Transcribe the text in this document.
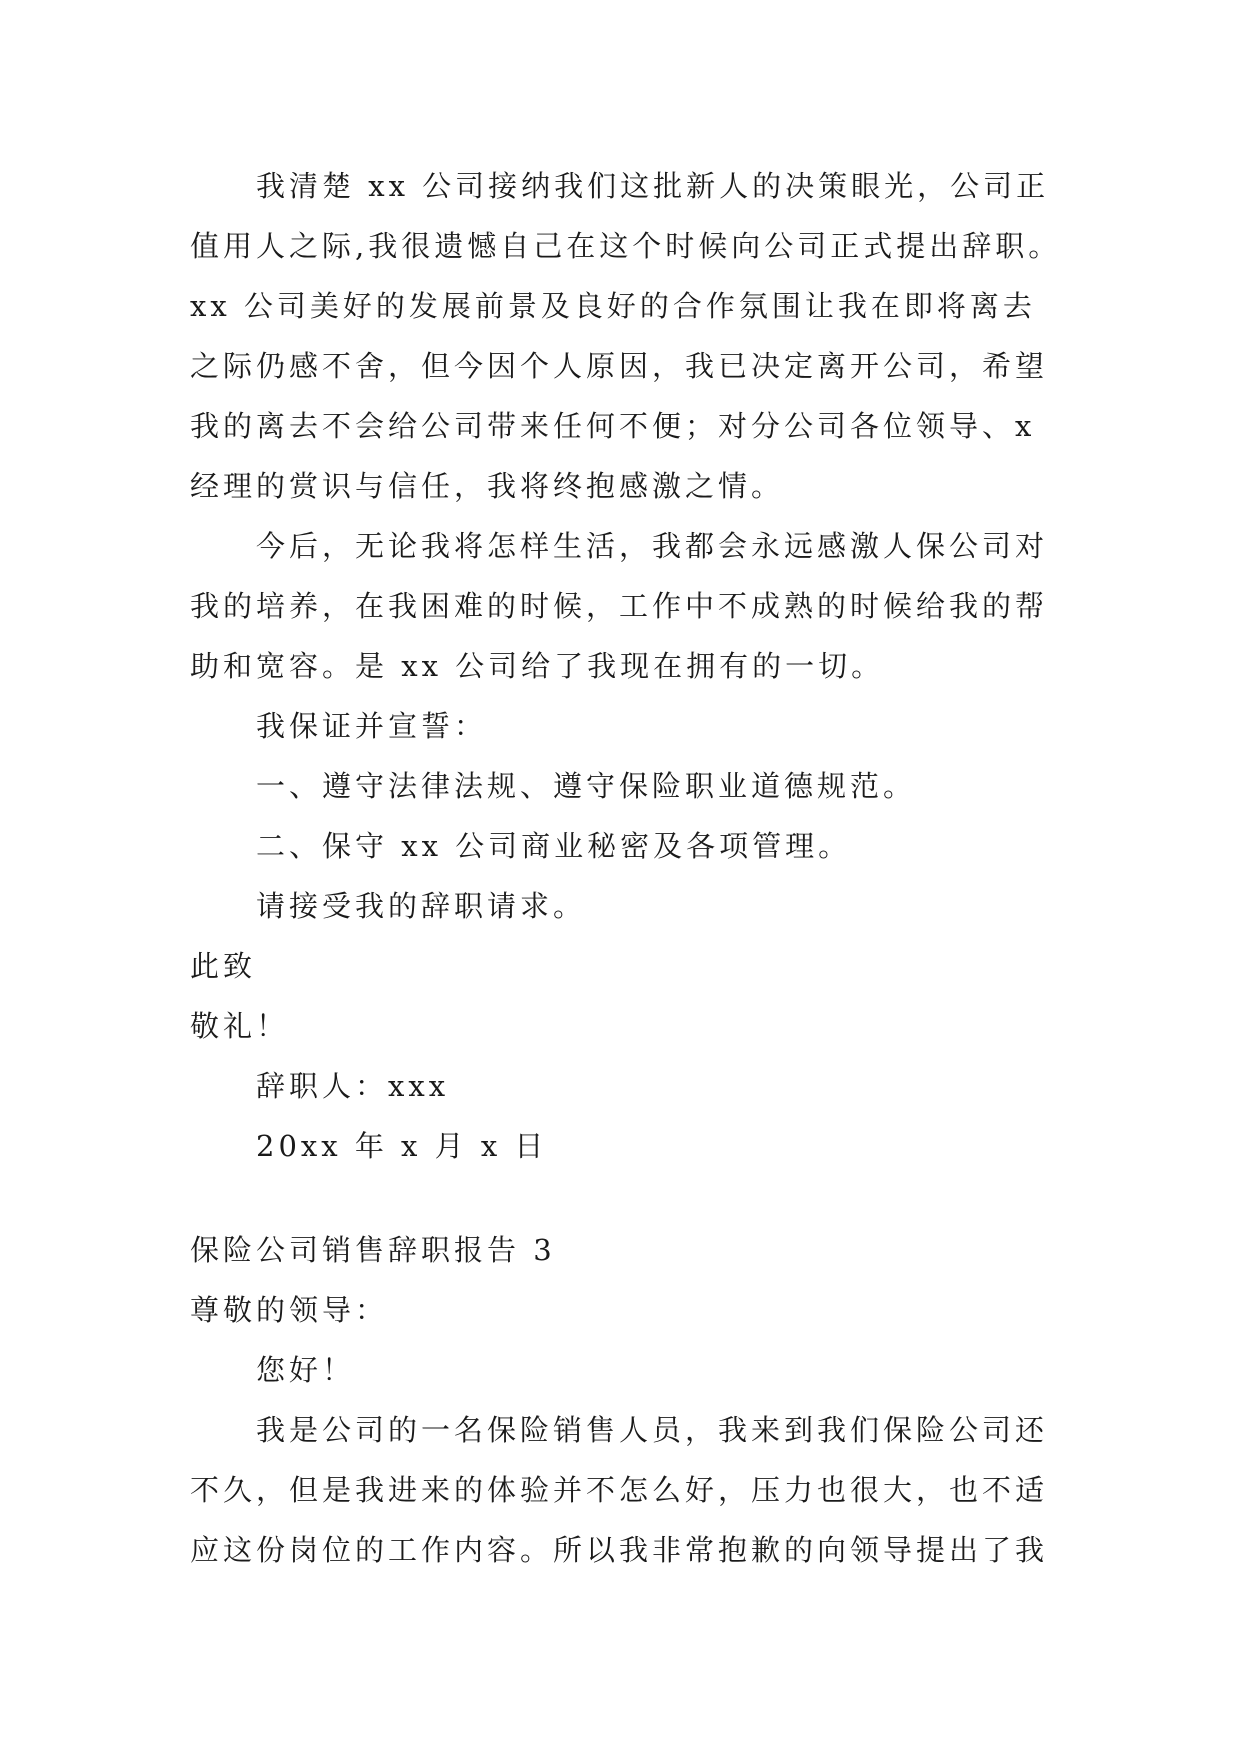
我清楚 xx 公司接纳我们这批新人的决策眼光，公司正
值用人之际,我很遗憾自己在这个时候向公司正式提出辞职。
xx 公司美好的发展前景及良好的合作氛围让我在即将离去
之际仍感不舍，但今因个人原因，我已决定离开公司，希望
我的离去不会给公司带来任何不便；对分公司各位领导、x
经理的赏识与信任，我将终抱感激之情。
今后，无论我将怎样生活，我都会永远感激人保公司对
我的培养，在我困难的时候，工作中不成熟的时候给我的帮
助和宽容。是 xx 公司给了我现在拥有的一切。
我保证并宣誓：
一、遵守法律法规、遵守保险职业道德规范。
二、保守 xx 公司商业秘密及各项管理。
请接受我的辞职请求。
此致
敬礼！
辞职人：xxx
20xx 年 x 月 x 日
保险公司销售辞职报告 3
尊敬的领导：
您好！
我是公司的一名保险销售人员，我来到我们保险公司还
不久，但是我进来的体验并不怎么好，压力也很大，也不适
应这份岗位的工作内容。所以我非常抱歉的向领导提出了我
